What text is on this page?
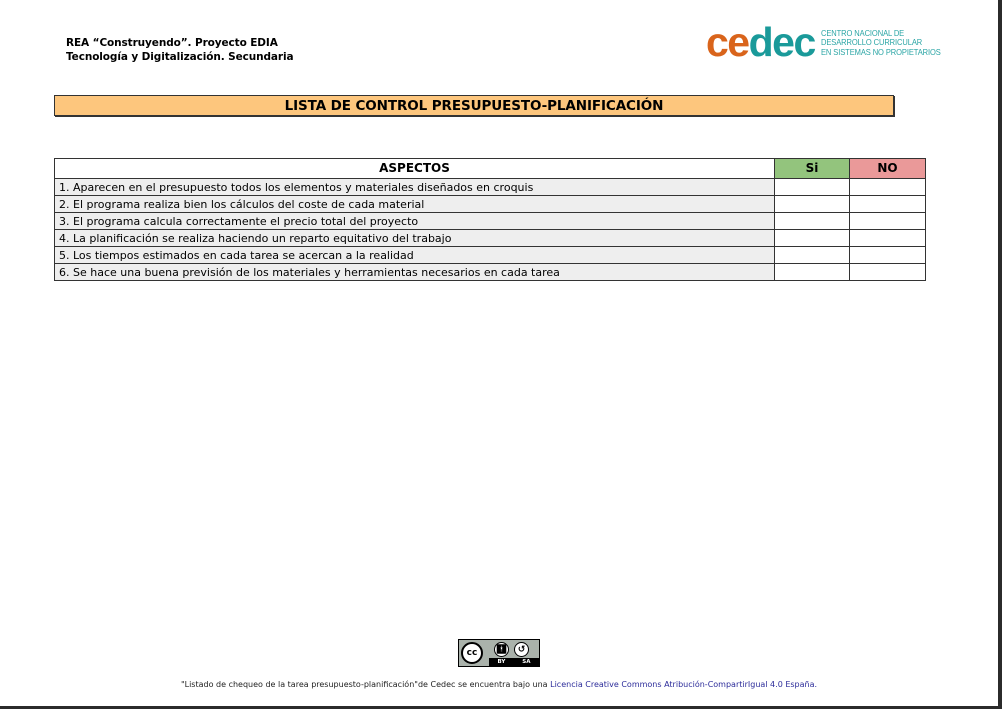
REA “Construyendo”. Proyecto EDIA
Tecnología y Digitalización. Secundaria	cedec CENTRO NACIONAL DE
DESARROLLO CURRICULAR
EN SISTEMAS NO PROPIETARIOS
LISTA DE CONTROL PRESUPUESTO-PLANIFICACIÓN
ASPECTOS	Si	NO
1. Aparecen en el presupuesto todos los elementos y materiales diseñados en croquis		
2. El programa realiza bien los cálculos del coste de cada material		
3. El programa calcula correctamente el precio total del proyecto		
4. La planificación se realiza haciendo un reparto equitativo del trabajo		
5. Los tiempos estimados en cada tarea se acercan a la realidad		
6. Se hace una buena previsión de los materiales y herramientas necesarios en cada tarea		
cc	🚹︎	↺
BY	SA
"Listado de chequeo de la tarea presupuesto-planificación"de Cedec se encuentra bajo una Licencia Creative Commons Atribución-CompartirIgual 4.0 España.
